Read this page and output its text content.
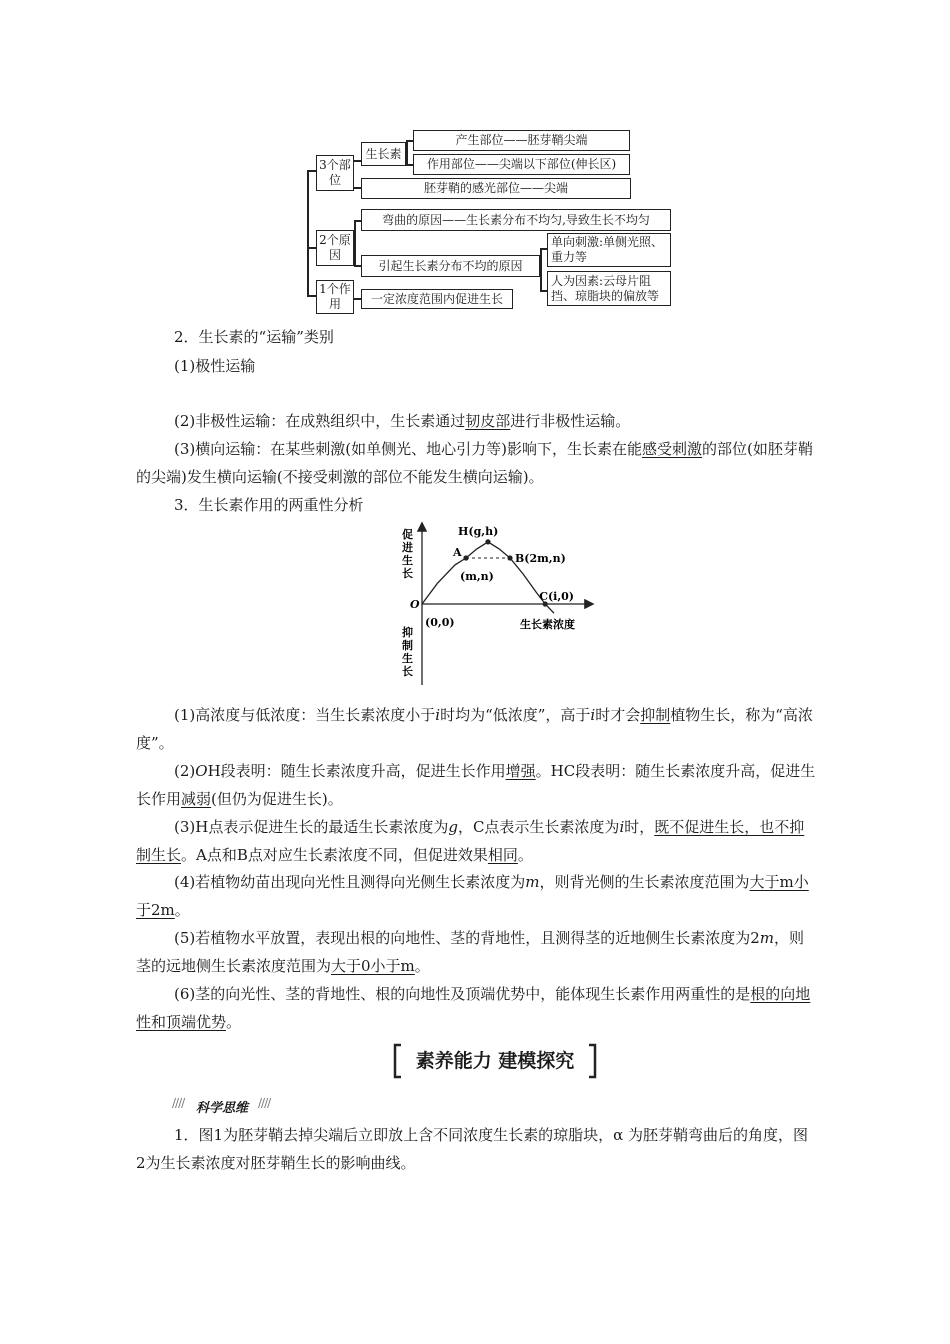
3个部位
2个原因
1个作用
生长素
产生部位——胚芽鞘尖端
作用部位——尖端以下部位(伸长区)
胚芽鞘的感光部位——尖端
弯曲的原因——生长素分布不均匀,导致生长不均匀
引起生长素分布不均的原因
单向刺激:单侧光照、重力等
人为因素:云母片阻挡、琼脂块的偏放等
一定浓度范围内促进生长
2．生长素的“运输”类别
(1)极性运输
(2)非极性运输：在成熟组织中，生长素通过韧皮部进行非极性运输。
(3)横向运输：在某些刺激(如单侧光、地心引力等)影响下，生长素在能感受刺激的部位(如胚芽鞘的尖端)发生横向运输(不接受刺激的部位不能发生横向运输)。
3．生长素作用的两重性分析
促
进
生
长
抑
制
生
长
生长素浓度
O
(0,0)
A
(m,n)
H(g,h)
B(2m,n)
C(i,0)
(1)高浓度与低浓度：当生长素浓度小于i时均为“低浓度”，高于i时才会抑制植物生长，称为“高浓度”。
(2)OH段表明：随生长素浓度升高，促进生长作用增强。HC段表明：随生长素浓度升高，促进生长作用减弱(但仍为促进生长)。
(3)H点表示促进生长的最适生长素浓度为g，C点表示生长素浓度为i时，既不促进生长，也不抑制生长。A点和B点对应生长素浓度不同，但促进效果相同。
(4)若植物幼苗出现向光性且测得向光侧生长素浓度为m，则背光侧的生长素浓度范围为大于m小于2m。
(5)若植物水平放置，表现出根的向地性、茎的背地性，且测得茎的近地侧生长素浓度为2m，则茎的远地侧生长素浓度范围为大于0小于m。
(6)茎的向光性、茎的背地性、根的向地性及顶端优势中，能体现生长素作用两重性的是根的向地性和顶端优势。
素养能力 建模探究
//// 科学思维 ////
1．图1为胚芽鞘去掉尖端后立即放上含不同浓度生长素的琼脂块，α 为胚芽鞘弯曲后的角度，图2为生长素浓度对胚芽鞘生长的影响曲线。
